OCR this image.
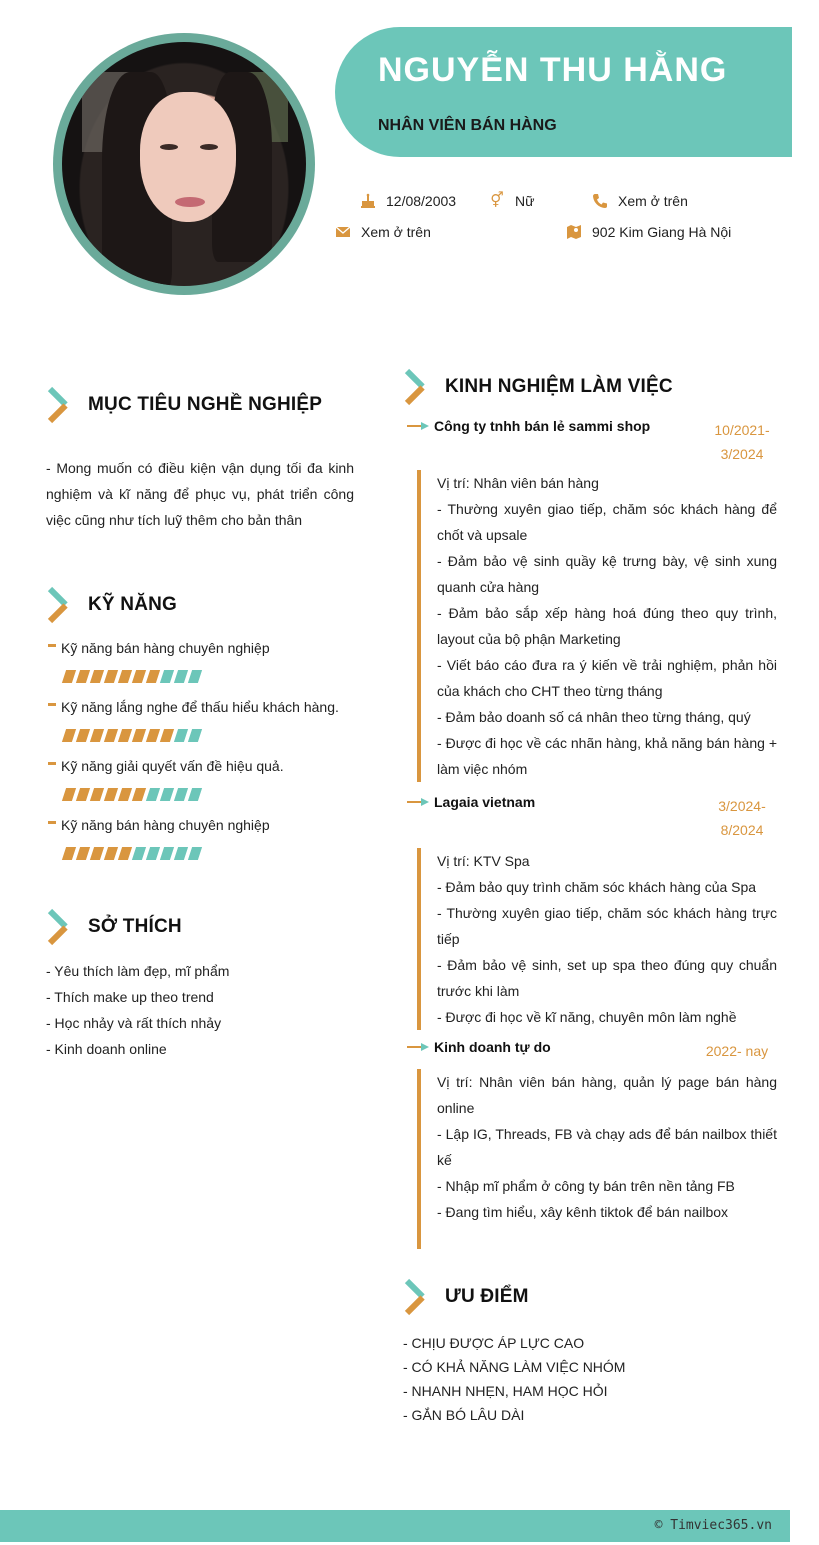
NGUYỄN THU HẰNG
NHÂN VIÊN BÁN HÀNG
12/08/2003 ⚥ Nữ	Xem ở trên
Xem ở trên	902 Kim Giang Hà Nội
MỤC TIÊU NGHỀ NGHIỆP
- Mong muốn có điều kiện vận dụng tối đa kinh nghiệm và kĩ năng để phục vụ, phát triển công việc cũng như tích luỹ thêm cho bản thân
KỸ NĂNG
Kỹ năng bán hàng chuyên nghiệp
Kỹ năng lắng nghe để thấu hiểu khách hàng.
Kỹ năng giải quyết vấn đề hiệu quả.
Kỹ năng bán hàng chuyên nghiệp
SỞ THÍCH
- Yêu thích làm đẹp, mĩ phẩm
- Thích make up theo trend
- Học nhảy và rất thích nhảy
- Kinh doanh online
KINH NGHIỆM LÀM VIỆC
Công ty tnhh bán lẻ sammi shop	10/2021- 3/2024
Vị trí: Nhân viên bán hàng
- Thường xuyên giao tiếp, chăm sóc khách hàng để chốt và upsale
- Đảm bảo vệ sinh quầy kệ trưng bày, vệ sinh xung quanh cửa hàng
- Đảm bảo sắp xếp hàng hoá đúng theo quy trình, layout của bộ phận Marketing
- Viết báo cáo đưa ra ý kiến về trải nghiệm, phản hồi của khách cho CHT theo từng tháng
- Đảm bảo doanh số cá nhân theo từng tháng, quý
- Được đi học về các nhãn hàng, khả năng bán hàng + làm việc nhóm
Lagaia vietnam	3/2024- 8/2024
Vị trí: KTV Spa
- Đảm bảo quy trình chăm sóc khách hàng của Spa
- Thường xuyên giao tiếp, chăm sóc khách hàng trực tiếp
- Đảm bảo vệ sinh, set up spa theo đúng quy chuẩn trước khi làm
- Được đi học về kĩ năng, chuyên môn làm nghề
Kinh doanh tự do	2022- nay
Vị trí: Nhân viên bán hàng, quản lý page bán hàng online
- Lập IG, Threads, FB và chạy ads để bán nailbox thiết kế
- Nhập mĩ phẩm ở công ty bán trên nền tảng FB
- Đang tìm hiểu, xây kênh tiktok để bán nailbox
ƯU ĐIỂM
- CHỊU ĐƯỢC ÁP LỰC CAO
- CÓ KHẢ NĂNG LÀM VIỆC NHÓM
- NHANH NHẸN, HAM HỌC HỎI
- GẮN BÓ LÂU DÀI
© Timviec365.vn
